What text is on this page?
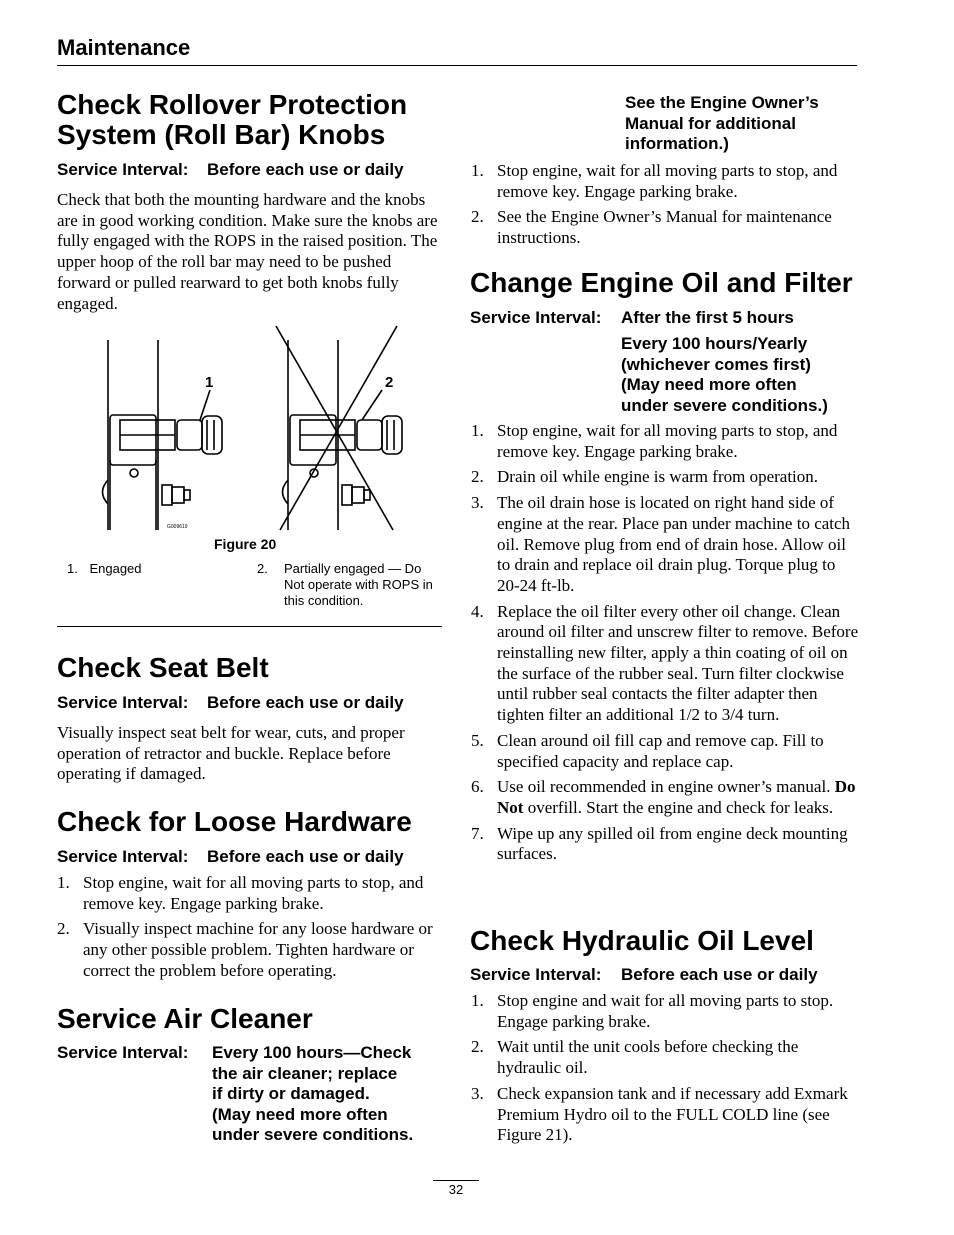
Maintenance
Check Rollover Protection
System (Roll Bar) Knobs
Service Interval: Before each use or daily
Check that both the mounting hardware and the knobs are in good working condition. Make sure the knobs are fully engaged with the ROPS in the raised position. The upper hoop of the roll bar may need to be pushed forward or pulled rearward to get both knobs fully engaged.
1	2
G009619
Figure 20
1. Engaged	2. Partially engaged — Do Not operate with ROPS in this condition.
Check Seat Belt
Service Interval: Before each use or daily
Visually inspect seat belt for wear, cuts, and proper operation of retractor and buckle. Replace before operating if damaged.
Check for Loose Hardware
Service Interval: Before each use or daily
1. Stop engine, wait for all moving parts to stop, and remove key. Engage parking brake.
2. Visually inspect machine for any loose hardware or any other possible problem. Tighten hardware or correct the problem before operating.
Service Air Cleaner
Service Interval: Every 100 hours—Check
the air cleaner; replace
if dirty or damaged.
(May need more often
under severe conditions.
See the Engine Owner’s
Manual for additional
information.)
1. Stop engine, wait for all moving parts to stop, and remove key. Engage parking brake.
2. See the Engine Owner’s Manual for maintenance instructions.
Change Engine Oil and Filter
Service Interval: After the first 5 hours
Every 100 hours/Yearly
(whichever comes first)
(May need more often
under severe conditions.)
1. Stop engine, wait for all moving parts to stop, and remove key. Engage parking brake.
2. Drain oil while engine is warm from operation.
3. The oil drain hose is located on right hand side of engine at the rear. Place pan under machine to catch oil. Remove plug from end of drain hose. Allow oil to drain and replace oil drain plug. Torque plug to 20-24 ft-lb.
4. Replace the oil filter every other oil change. Clean around oil filter and unscrew filter to remove. Before reinstalling new filter, apply a thin coating of oil on the surface of the rubber seal. Turn filter clockwise until rubber seal contacts the filter adapter then tighten filter an additional 1/2 to 3/4 turn.
5. Clean around oil fill cap and remove cap. Fill to specified capacity and replace cap.
6. Use oil recommended in engine owner’s manual. Do Not overfill. Start the engine and check for leaks.
7. Wipe up any spilled oil from engine deck mounting surfaces.
Check Hydraulic Oil Level
Service Interval: Before each use or daily
1. Stop engine and wait for all moving parts to stop. Engage parking brake.
2. Wait until the unit cools before checking the hydraulic oil.
3. Check expansion tank and if necessary add Exmark Premium Hydro oil to the FULL COLD line (see Figure 21).
32
